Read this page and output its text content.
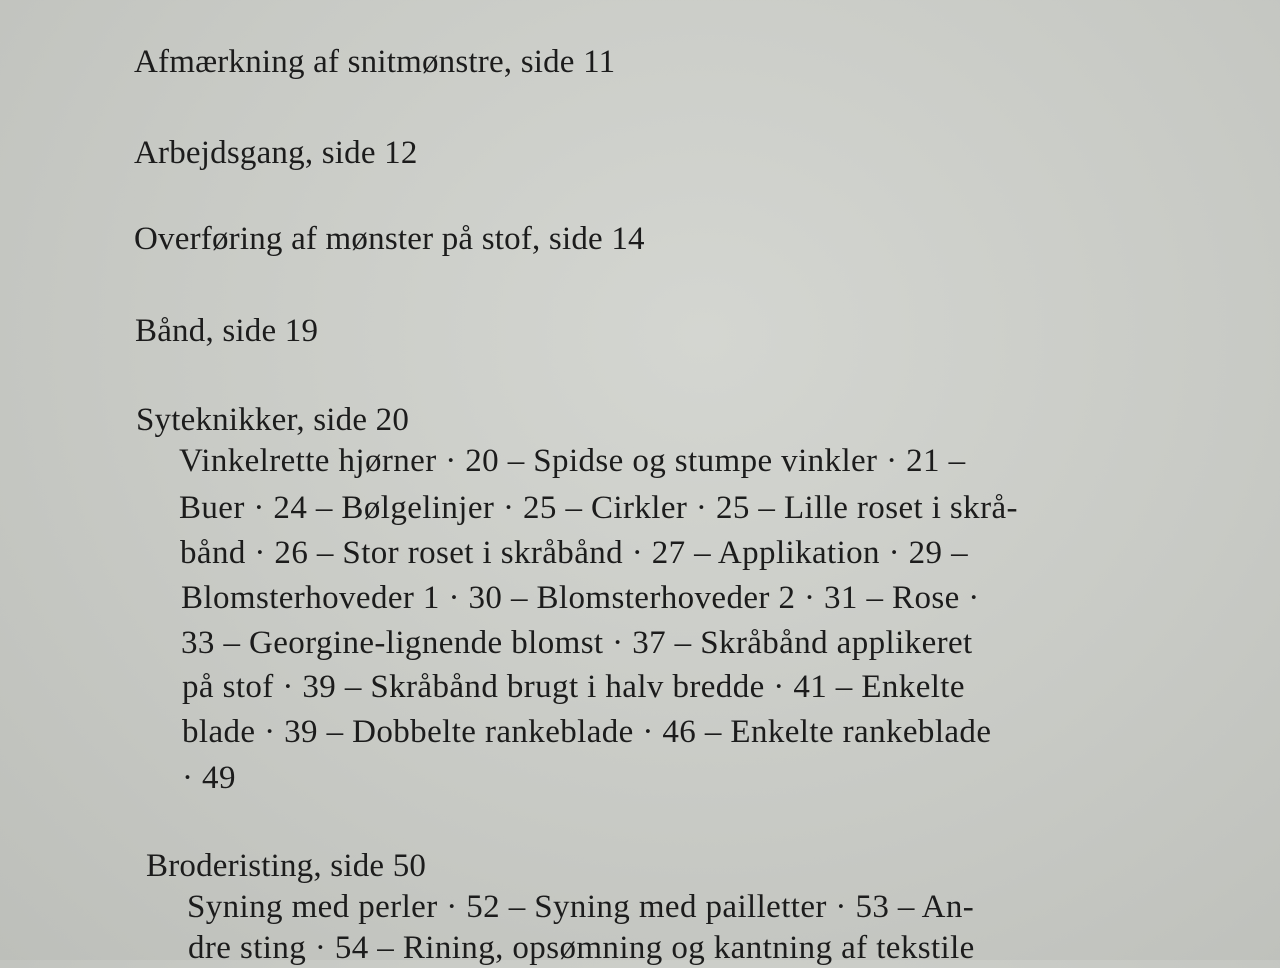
Afmærkning af snitmønstre, side 11
Arbejdsgang, side 12
Overføring af mønster på stof, side 14
Bånd, side 19
Syteknikker, side 20
Vinkelrette hjørner · 20 – Spidse og stumpe vinkler · 21 –
Buer · 24 – Bølgelinjer · 25 – Cirkler · 25 – Lille roset i skrå-
bånd · 26 – Stor roset i skråbånd · 27 – Applikation · 29 –
Blomsterhoveder 1 · 30 – Blomsterhoveder 2 · 31 – Rose ·
33 – Georgine-lignende blomst · 37 – Skråbånd applikeret
på stof · 39 – Skråbånd brugt i halv bredde · 41 – Enkelte
blade · 39 – Dobbelte rankeblade · 46 – Enkelte rankeblade
· 49
Broderisting, side 50
Syning med perler · 52 – Syning med pailletter · 53 – An-
dre sting · 54 – Rining, opsømning og kantning af tekstile
